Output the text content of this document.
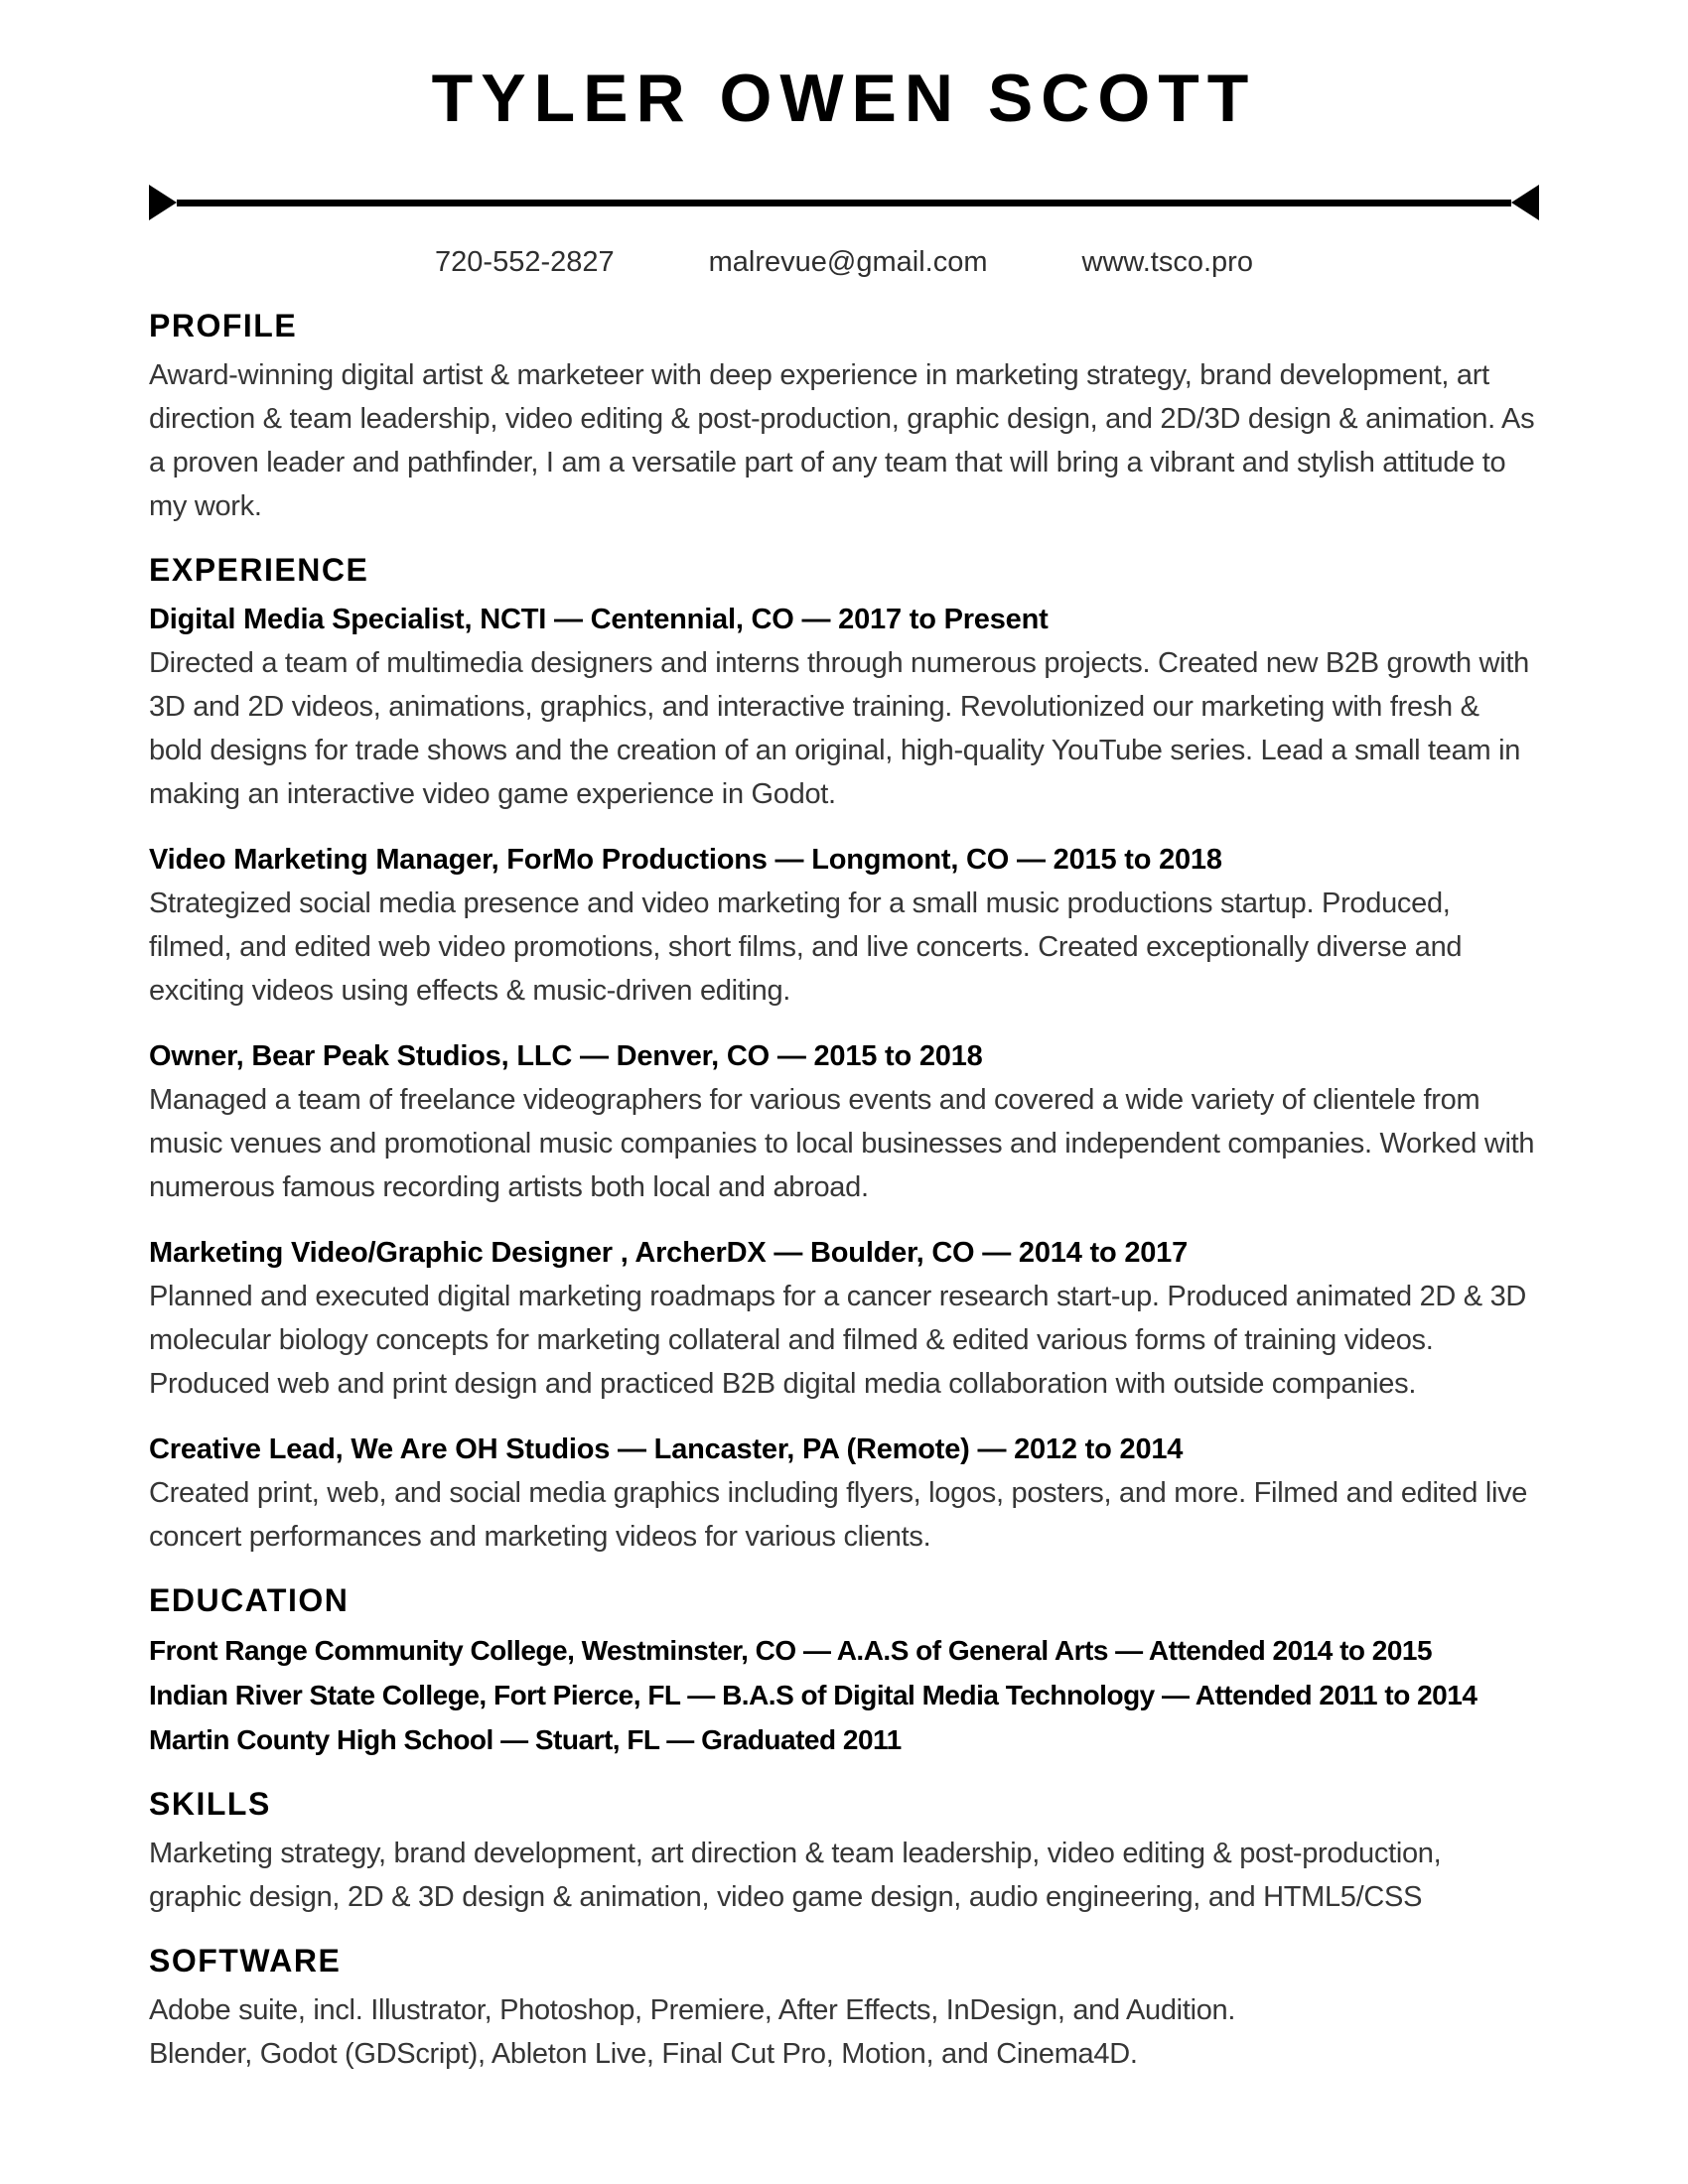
TYLER OWEN SCOTT
720-552-2827	malrevue@gmail.com	www.tsco.pro
PROFILE

Award-winning digital artist & marketeer with deep experience in marketing strategy, brand development, art direction & team leadership, video editing & post-production, graphic design, and 2D/3D design & animation. As a proven leader and pathfinder, I am a versatile part of any team that will bring a vibrant and stylish attitude to my work.

EXPERIENCE
Digital Media Specialist, NCTI — Centennial, CO — 2017 to Present

Directed a team of multimedia designers and interns through numerous projects. Created new B2B growth with 3D and 2D videos, animations, graphics, and interactive training. Revolutionized our marketing with fresh & bold designs for trade shows and the creation of an original, high-quality YouTube series. Lead a small team in making an interactive video game experience in Godot.

Video Marketing Manager, ForMo Productions — Longmont, CO — 2015 to 2018

Strategized social media presence and video marketing for a small music productions startup. Produced, filmed, and edited web video promotions, short films, and live concerts. Created exceptionally diverse and exciting videos using effects & music-driven editing.

Owner, Bear Peak Studios, LLC — Denver, CO — 2015 to 2018

Managed a team of freelance videographers for various events and covered a wide variety of clientele from music venues and promotional music companies to local businesses and independent companies. Worked with numerous famous recording artists both local and abroad.

Marketing Video/Graphic Designer , ArcherDX — Boulder, CO — 2014 to 2017

Planned and executed digital marketing roadmaps for a cancer research start-up. Produced animated 2D & 3D molecular biology concepts for marketing collateral and filmed & edited various forms of training videos. Produced web and print design and practiced B2B digital media collaboration with outside companies.

Creative Lead, We Are OH Studios — Lancaster, PA (Remote) — 2012 to 2014

Created print, web, and social media graphics including flyers, logos, posters, and more. Filmed and edited live concert performances and marketing videos for various clients.

EDUCATION
Front Range Community College, Westminster, CO — A.A.S of General Arts — Attended 2014 to 2015
Indian River State College, Fort Pierce, FL — B.A.S of Digital Media Technology — Attended 2011 to 2014
Martin County High School — Stuart, FL — Graduated 2011
SKILLS

Marketing strategy, brand development, art direction & team leadership, video editing & post-production, graphic design, 2D & 3D design & animation, video game design, audio engineering, and HTML5/CSS

SOFTWARE

Adobe suite, incl. Illustrator, Photoshop, Premiere, After Effects, InDesign, and Audition.

Blender, Godot (GDScript), Ableton Live, Final Cut Pro, Motion, and Cinema4D.
